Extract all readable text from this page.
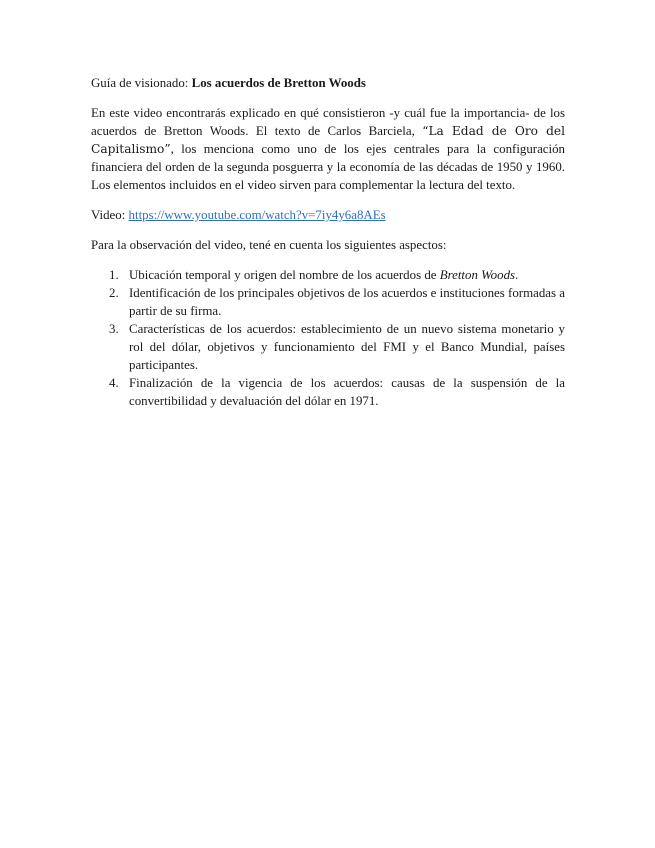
Guía de visionado: Los acuerdos de Bretton Woods

En este video encontrarás explicado en qué consistieron -y cuál fue la importancia- de los acuerdos de Bretton Woods. El texto de Carlos Barciela, “La Edad de Oro del Capitalismo”, los menciona como uno de los ejes centrales para la configuración financiera del orden de la segunda posguerra y la economía de las décadas de 1950 y 1960. Los elementos incluidos en el video sirven para complementar la lectura del texto.

Video: https://www.youtube.com/watch?v=7iy4y6a8AEs

Para la observación del video, tené en cuenta los siguientes aspectos:

1. Ubicación temporal y origen del nombre de los acuerdos de Bretton Woods.
2. Identificación de los principales objetivos de los acuerdos e instituciones formadas a partir de su firma.
3. Características de los acuerdos: establecimiento de un nuevo sistema monetario y rol del dólar, objetivos y funcionamiento del FMI y el Banco Mundial, países participantes.
4. Finalización de la vigencia de los acuerdos: causas de la suspensión de la convertibilidad y devaluación del dólar en 1971.
